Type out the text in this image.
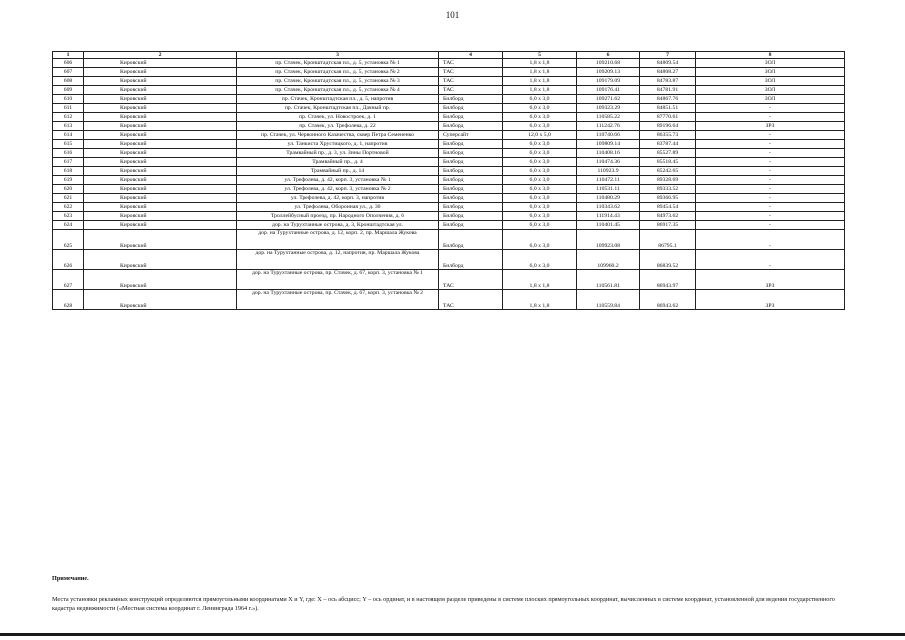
101
1	2	3	4	5	6	7	8
606	Кировский	пр. Стачек, Кронштадтская пл., д. 5, установка № 1	ТАС	1,8 x 1,8	109210.68	84809.54	ЗОЛ
607	Кировский	пр. Стачек, Кронштадтская пл., д. 5, установка № 2	ТАС	1,8 x 1,8	109209.13	84808.27	ЗОЛ
608	Кировский	пр. Стачек, Кронштадтская пл., д. 5, установка № 3	ТАС	1,8 x 1,8	109179.09	84783.87	ЗОЛ
609	Кировский	пр. Стачек, Кронштадтская пл., д. 5, установка № 4	ТАС	1,8 x 1,8	109176.41	84781.91	ЗОЛ
610	Кировский	пр. Стачек, Кронштадтская пл., д. 5, напротив	Билборд	6,0 x 3,0	109271.62	84867.76	ЗОЛ
611	Кировский	пр. Стачек, Кронштадтская пл., Дачный пр.	Билборд	6,0 x 3,0	109323.29	84851.51	-
612	Кировский	пр. Стачек, ул. Новостроек, д. 1	Билборд	6,0 x 3,0	110585.22	87770.61	-
613	Кировский	пр. Стачек, ул. Трефолева, д. 22	Билборд	6,0 x 3,0	111242.76	89196.64	ЗРЗ
614	Кировский	пр. Стачек, ул. Червонного Казачества, сквер Петра Семененко	Суперсайт	12,0 x 5,0	110740.66	86355.73	-
615	Кировский	ул. Танкиста Хрустицкого, д. 1, напротив	Билборд	6,0 x 3,0	109809.14	83787.44	-
616	Кировский	Трамвайный пр., д. 3, ул. Зины Портновой	Билборд	6,0 x 3,0	110408.16	85527.89	-
617	Кировский	Трамвайный пр., д. 4	Билборд	6,0 x 3,0	110474.36	85518.45	-
618	Кировский	Трамвайный пр., д. 14	Билборд	6,0 x 3,0	110923.9	85242.65	-
619	Кировский	ул. Трефолева, д. 42, корп. 3, установка № 1	Билборд	6,0 x 3,0	110472.11	89328.69	-
620	Кировский	ул. Трефолева, д. 42, корп. 3, установка № 2	Билборд	6,0 x 3,0	110531.11	89333.52	-
621	Кировский	ул. Трефолева, д. 42, корп. 3, напротив	Билборд	6,0 x 3,0	110480.29	89366.95	-
622	Кировский	ул. Трефолева, Оборонная ул., д. 30	Билборд	6,0 x 3,0	110343.62	89454.54	-
623	Кировский	Троллейбусный проезд, пр. Народного Ополчения, д. 6	Билборд	6,0 x 3,0	111914.43	84973.62	-
624	Кировский	дор. на Турухтанные острова, д. 3, Кронштадтская ул.	Билборд	6,0 x 3,0	110401.45	86917.35	-
625	Кировский	дор. на Турухтанные острова, д. 12, корп. 2, пр. Маршала Жукова	Билборд	6,0 x 3,0	109923.08	86795.1	-
626	Кировский	дор. на Турухтанные острова, д. 12, напротив, пр. Маршала Жукова	Билборд	6,0 x 3,0	109960.2	86839.52	-
627	Кировский	дор. на Турухтанные острова, пр. Стачек, д. 67, корп. 3, установка № 1	ТАС	1,8 x 1,8	110561.81	86943.97	ЗРЗ
628	Кировский	дор. на Турухтанные острова, пр. Стачек, д. 67, корп. 3, установка № 2	ТАС	1,8 x 1,8	110559.84	86943.62	ЗРЗ
Примечание.
Места установки рекламных конструкций определяются прямоугольными координатами X и Y, где: X – ось абсцисс; Y – ось ординат, и в настоящем разделе приведены в системе плоских прямоугольных координат, вычисленных в системе координат, установленной для ведения государственного кадастра недвижимости («Местная система координат г. Ленинграда 1964 г.»).
